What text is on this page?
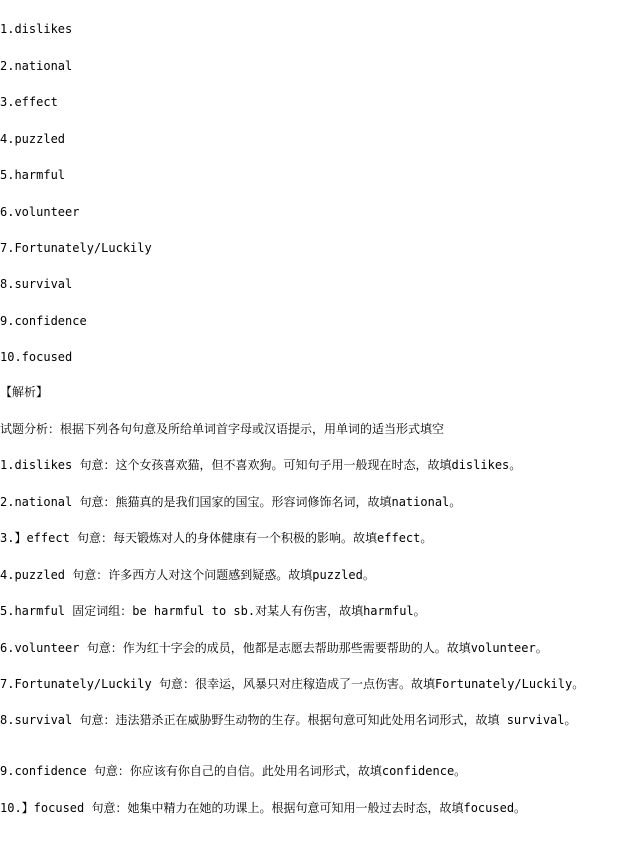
1.dislikes
2.national
3.effect
4.puzzled
5.harmful
6.volunteer
7.Fortunately/Luckily
8.survival
9.confidence
10.focused
【解析】
试题分析：根据下列各句句意及所给单词首字母或汉语提示，用单词的适当形式填空
1.dislikes 句意：这个女孩喜欢猫，但不喜欢狗。可知句子用一般现在时态，故填dislikes。
2.national 句意：熊猫真的是我们国家的国宝。形容词修饰名词，故填national。
3.】effect 句意：每天锻炼对人的身体健康有一个积极的影响。故填effect。
4.puzzled 句意：许多西方人对这个问题感到疑惑。故填puzzled。
5.harmful 固定词组：be harmful to sb.对某人有伤害，故填harmful。
6.volunteer 句意：作为红十字会的成员，他都是志愿去帮助那些需要帮助的人。故填volunteer。
7.Fortunately/Luckily 句意：很幸运，风暴只对庄稼造成了一点伤害。故填Fortunately/Luckily。
8.survival 句意：违法猎杀正在威胁野生动物的生存。根据句意可知此处用名词形式，故填 survival。
9.confidence 句意：你应该有你自己的自信。此处用名词形式，故填confidence。
10.】focused 句意：她集中精力在她的功课上。根据句意可知用一般过去时态，故填focused。
